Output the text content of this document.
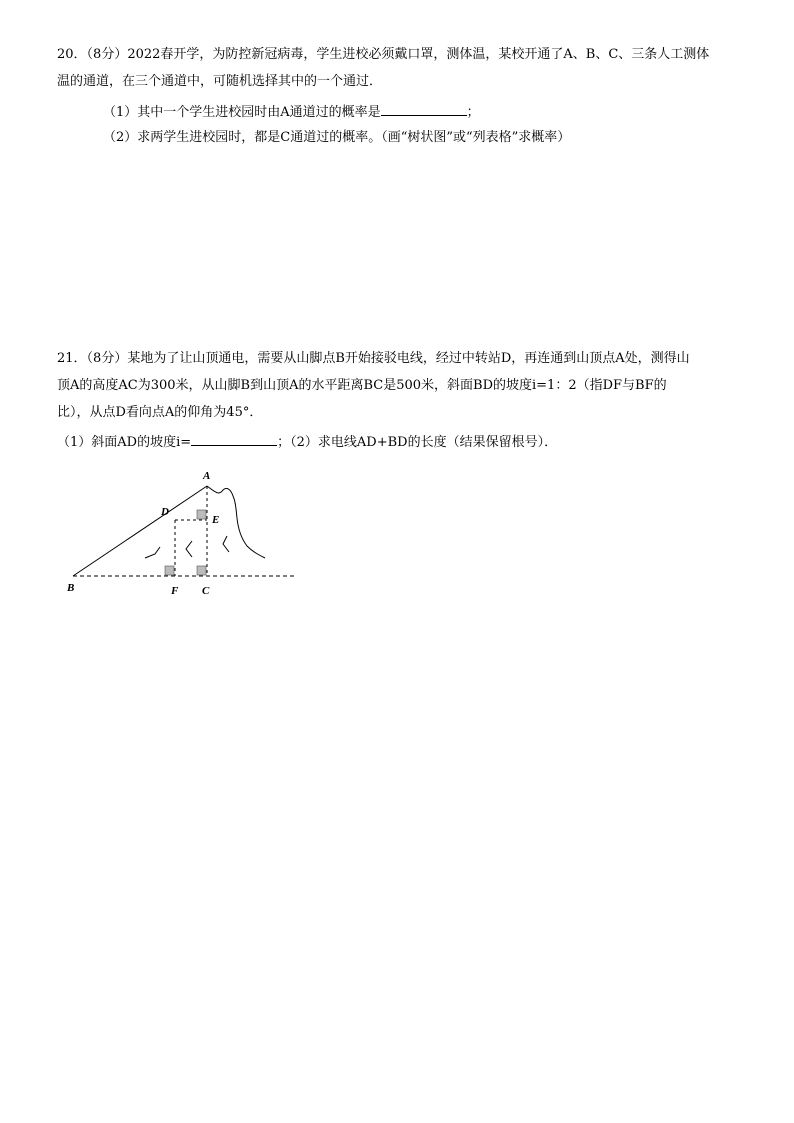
20．（8分）2022春开学，为防控新冠病毒，学生进校必须戴口罩，测体温，某校开通了A、B、C、三条人工测体
温的通道，在三个通道中，可随机选择其中的一个通过．
（1）其中一个学生进校园时由A通道过的概率是	；
（2）求两学生进校园时，都是C通道过的概率。（画“树状图”或“列表格”求概率）
21．（8分）某地为了让山顶通电，需要从山脚点B开始接驳电线，经过中转站D，再连通到山顶点A处，测得山
顶A的高度AC为300米，从山脚B到山顶A的水平距离BC是500米，斜面BD的坡度i=1：2（指DF与BF的
比），从点D看向点A的仰角为45°．
（1）斜面AD的坡度i=	；（2）求电线AD+BD的长度（结果保留根号）．
A
B	C
D
E
F
